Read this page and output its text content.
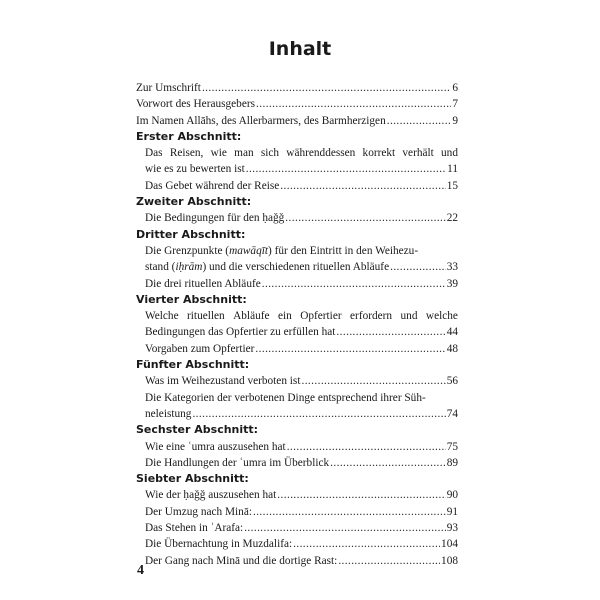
Inhalt
Zur Umschrift .....	6
Vorwort des Herausgebers .....	7
Im Namen Allāhs, des Allerbarmers, des Barmherzigen .....	9
Erster Abschnitt:
Das Reisen, wie man sich währenddessen korrekt verhält und
wie es zu bewerten ist .....	11
Das Gebet während der Reise .....	15
Zweiter Abschnitt:
Die Bedingungen für den ḥaǧǧ .....	22
Dritter Abschnitt:
Die Grenzpunkte (mawāqīt) für den Eintritt in den Weihezu-
stand (iḥrām) und die verschiedenen rituellen Abläufe .....	33
Die drei rituellen Abläufe .....	39
Vierter Abschnitt:
Welche rituellen Abläufe ein Opfertier erfordern und welche
Bedingungen das Opfertier zu erfüllen hat .....	44
Vorgaben zum Opfertier .....	48
Fünfter Abschnitt:
Was im Weihezustand verboten ist .....	56
Die Kategorien der verbotenen Dinge entsprechend ihrer Süh-
neleistung .....	74
Sechster Abschnitt:
Wie eine ʿumra auszusehen hat .....	75
Die Handlungen der ʿumra im Überblick .....	89
Siebter Abschnitt:
Wie der ḥaǧǧ auszusehen hat .....	90
Der Umzug nach Minā: .....	91
Das Stehen in ʿArafa: .....	93
Die Übernachtung in Muzdalifa: .....	104
Der Gang nach Minā und die dortige Rast: .....	108
4
